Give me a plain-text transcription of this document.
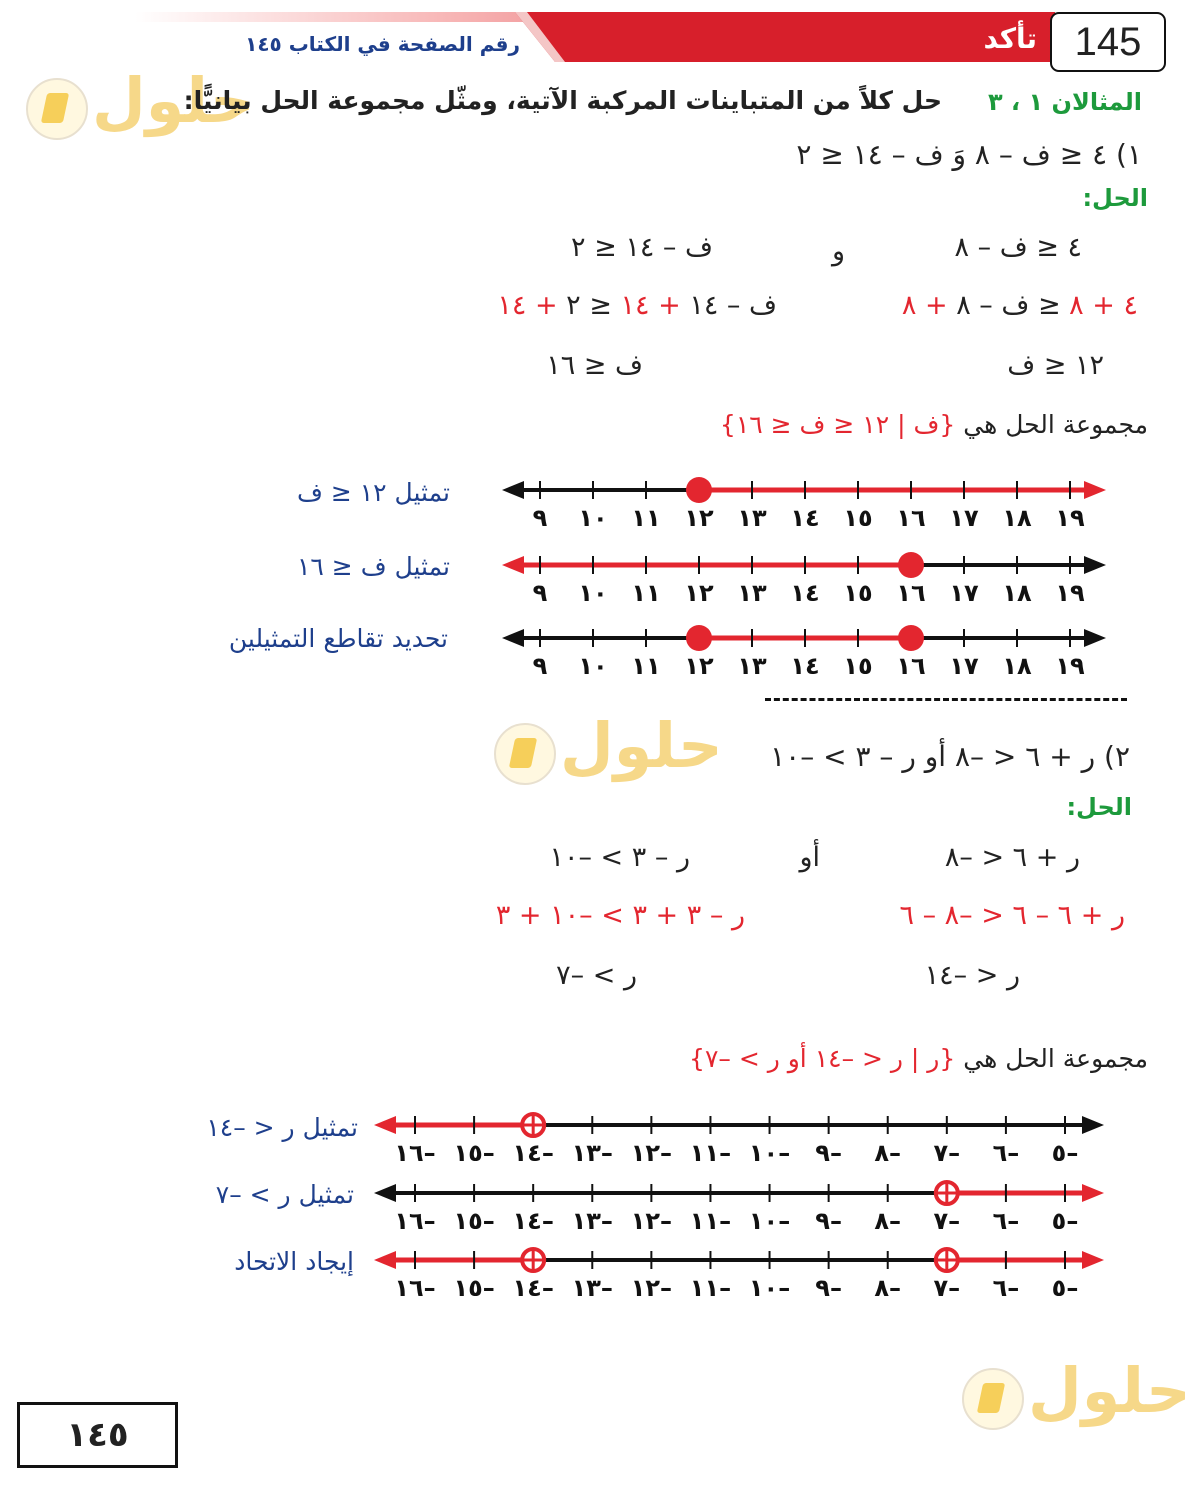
145
تأكد
رقم الصفحة في الكتاب ١٤٥
حلول
حلول
حلول
المثالان ١ ، ٣
حل كلاً من المتباينات المركبة الآتية، ومثّل مجموعة الحل بيانيًّا:
١) ٤ ≤ ف – ٨ وَ ف – ١٤ ≤ ٢
الحل:
٤ ≤ ف – ٨
و
ف – ١٤ ≤ ٢
٤ + ٨ ≤ ف – ٨ + ٨
ف – ١٤ + ١٤ ≤ ٢ + ١٤
١٢ ≤ ف
ف ≤ ١٦
مجموعة الحل هي {ف | ١٢ ≤ ف ≤ ١٦}
تمثيل ١٢ ≤ ف
تمثيل ف ≤ ١٦
تحديد تقاطع التمثيلين
٩ ١٠ ١١ ١٢ ١٣ ١٤ ١٥ ١٦ ١٧ ١٨ ١٩
٩ ١٠ ١١ ١٢ ١٣ ١٤ ١٥ ١٦ ١٧ ١٨ ١٩
٩ ١٠ ١١ ١٢ ١٣ ١٤ ١٥ ١٦ ١٧ ١٨ ١٩
–١٦ –١٥ –١٤ –١٣ –١٢ –١١ –١٠ –٩ –٨ –٧ –٦ –٥
–١٦ –١٥ –١٤ –١٣ –١٢ –١١ –١٠ –٩ –٨ –٧ –٦ –٥
–١٦ –١٥ –١٤ –١٣ –١٢ –١١ –١٠ –٩ –٨ –٧ –٦ –٥
٢) ر + ٦ < –٨ أو ر – ٣ > –١٠
الحل:
ر + ٦ < –٨
أو
ر – ٣ > –١٠
ر + ٦ – ٦ < –٨ – ٦
ر – ٣ + ٣ > –١٠ + ٣
ر < –١٤
ر > –٧
مجموعة الحل هي {ر | ر < –١٤ أو ر > –٧}
تمثيل ر < –١٤
تمثيل ر > –٧
إيجاد الاتحاد
١٤٥
